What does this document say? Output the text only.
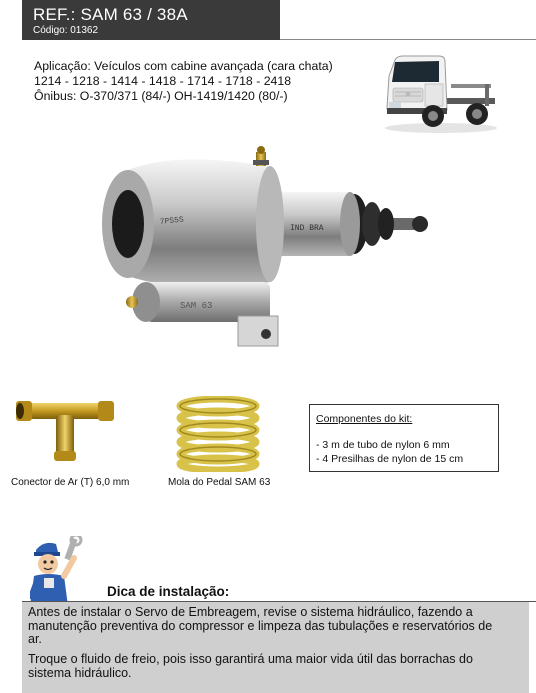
REF.: SAM 63 / 38A
Código: 01362
Aplicação: Veículos com cabine avançada (cara chata)
1214 - 1218 - 1414 - 1418 - 1714 - 1718 - 2418
Ônibus: O-370/371 (84/-) OH-1419/1420 (80/-)
SAM 63
IND BRA
7PS5S
Conector de Ar (T) 6,0 mm	Mola do Pedal SAM 63
Componentes do kit:
- 3 m de tubo de nylon 6 mm
- 4 Presilhas de nylon de 15 cm
Dica de instalação:
Antes de instalar o Servo de Embreagem, revise o sistema hidráulico, fazendo a manutenção preventiva do compressor e limpeza das tubulações e reservatórios de ar.
Troque o fluido de freio, pois isso garantirá uma maior vida útil das borrachas do sistema hidráulico.
